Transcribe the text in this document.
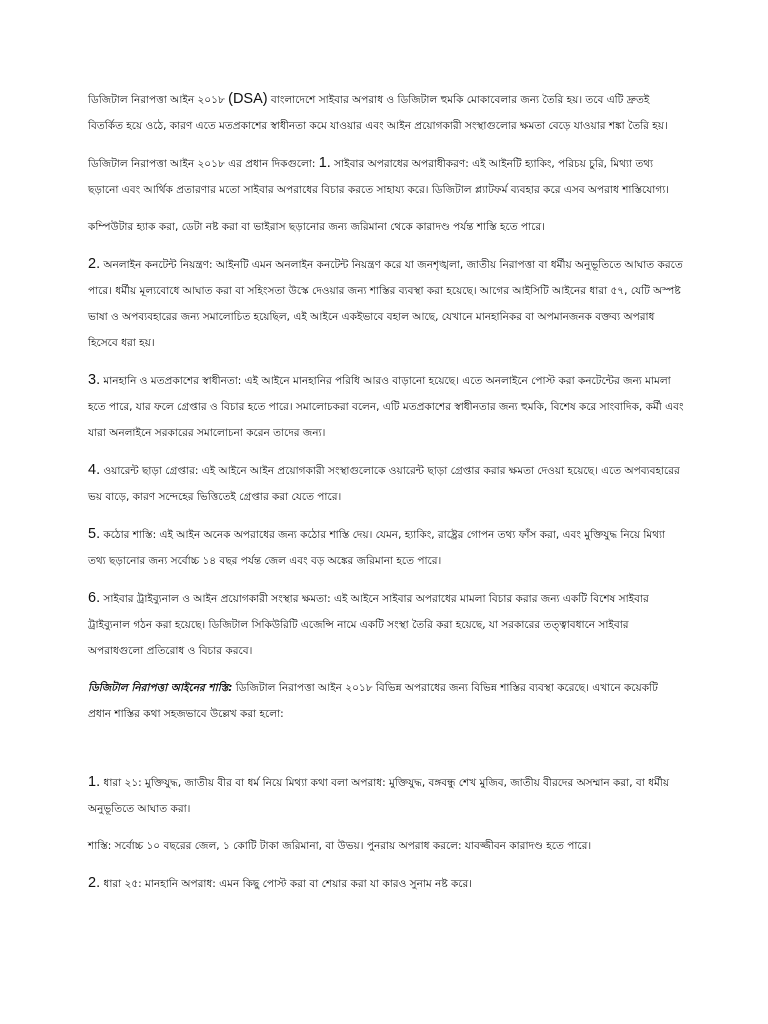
ডিজিটাল নিরাপত্তা আইন ২০১৮ (DSA) বাংলাদেশে সাইবার অপরাধ ও ডিজিটাল হুমকি মোকাবেলার জন্য তৈরি হয়। তবে এটি দ্রুতই বিতর্কিত হয়ে ওঠে, কারণ এতে মতপ্রকাশের স্বাধীনতা কমে যাওয়ার এবং আইন প্রয়োগকারী সংস্থাগুলোর ক্ষমতা বেড়ে যাওয়ার শঙ্কা তৈরি হয়।

ডিজিটাল নিরাপত্তা আইন ২০১৮ এর প্রধান দিকগুলো: 1. সাইবার অপরাধের অপরাধীকরণ: এই আইনটি হ্যাকিং, পরিচয় চুরি, মিথ্যা তথ্য ছড়ানো এবং আর্থিক প্রতারণার মতো সাইবার অপরাধের বিচার করতে সাহায্য করে। ডিজিটাল প্ল্যাটফর্ম ব্যবহার করে এসব অপরাধ শাস্তিযোগ্য।

কম্পিউটার হ্যাক করা, ডেটা নষ্ট করা বা ভাইরাস ছড়ানোর জন্য জরিমানা থেকে কারাদণ্ড পর্যন্ত শাস্তি হতে পারে।

2. অনলাইন কনটেন্ট নিয়ন্ত্রণ: আইনটি এমন অনলাইন কনটেন্ট নিয়ন্ত্রণ করে যা জনশৃঙ্খলা, জাতীয় নিরাপত্তা বা ধর্মীয় অনুভূতিতে আঘাত করতে পারে। ধর্মীয় মূল্যবোধে আঘাত করা বা সহিংসতা উস্কে দেওয়ার জন্য শাস্তির ব্যবস্থা করা হয়েছে। আগের আইসিটি আইনের ধারা ৫৭, যেটি অস্পষ্ট ভাষা ও অপব্যবহারের জন্য সমালোচিত হয়েছিল, এই আইনে একইভাবে বহাল আছে, যেখানে মানহানিকর বা অপমানজনক বক্তব্য অপরাধ হিসেবে ধরা হয়।

3. মানহানি ও মতপ্রকাশের স্বাধীনতা: এই আইনে মানহানির পরিধি আরও বাড়ানো হয়েছে। এতে অনলাইনে পোস্ট করা কনটেন্টের জন্য মামলা হতে পারে, যার ফলে গ্রেপ্তার ও বিচার হতে পারে। সমালোচকরা বলেন, এটি মতপ্রকাশের স্বাধীনতার জন্য হুমকি, বিশেষ করে সাংবাদিক, কর্মী এবং যারা অনলাইনে সরকারের সমালোচনা করেন তাদের জন্য।

4. ওয়ারেন্ট ছাড়া গ্রেপ্তার: এই আইনে আইন প্রয়োগকারী সংস্থাগুলোকে ওয়ারেন্ট ছাড়া গ্রেপ্তার করার ক্ষমতা দেওয়া হয়েছে। এতে অপব্যবহারের ভয় বাড়ে, কারণ সন্দেহের ভিত্তিতেই গ্রেপ্তার করা যেতে পারে।

5. কঠোর শাস্তি: এই আইন অনেক অপরাধের জন্য কঠোর শাস্তি দেয়। যেমন, হ্যাকিং, রাষ্ট্রের গোপন তথ্য ফাঁস করা, এবং মুক্তিযুদ্ধ নিয়ে মিথ্যা তথ্য ছড়ানোর জন্য সর্বোচ্চ ১৪ বছর পর্যন্ত জেল এবং বড় অঙ্কের জরিমানা হতে পারে।

6. সাইবার ট্রাইব্যুনাল ও আইন প্রয়োগকারী সংস্থার ক্ষমতা: এই আইনে সাইবার অপরাধের মামলা বিচার করার জন্য একটি বিশেষ সাইবার ট্রাইব্যুনাল গঠন করা হয়েছে। ডিজিটাল সিকিউরিটি এজেন্সি নামে একটি সংস্থা তৈরি করা হয়েছে, যা সরকারের তত্ত্বাবধানে সাইবার অপরাধগুলো প্রতিরোধ ও বিচার করবে।

ডিজিটাল নিরাপত্তা আইনের শাস্তি: ডিজিটাল নিরাপত্তা আইন ২০১৮ বিভিন্ন অপরাধের জন্য বিভিন্ন শাস্তির ব্যবস্থা করেছে। এখানে কয়েকটি প্রধান শাস্তির কথা সহজভাবে উল্লেখ করা হলো:

1. ধারা ২১: মুক্তিযুদ্ধ, জাতীয় বীর বা ধর্ম নিয়ে মিথ্যা কথা বলা অপরাধ: মুক্তিযুদ্ধ, বঙ্গবন্ধু শেখ মুজিব, জাতীয় বীরদের অসম্মান করা, বা ধর্মীয় অনুভূতিতে আঘাত করা।

শাস্তি: সর্বোচ্চ ১০ বছরের জেল, ১ কোটি টাকা জরিমানা, বা উভয়। পুনরায় অপরাধ করলে: যাবজ্জীবন কারাদণ্ড হতে পারে।

2. ধারা ২৫: মানহানি অপরাধ: এমন কিছু পোস্ট করা বা শেয়ার করা যা কারও সুনাম নষ্ট করে।
